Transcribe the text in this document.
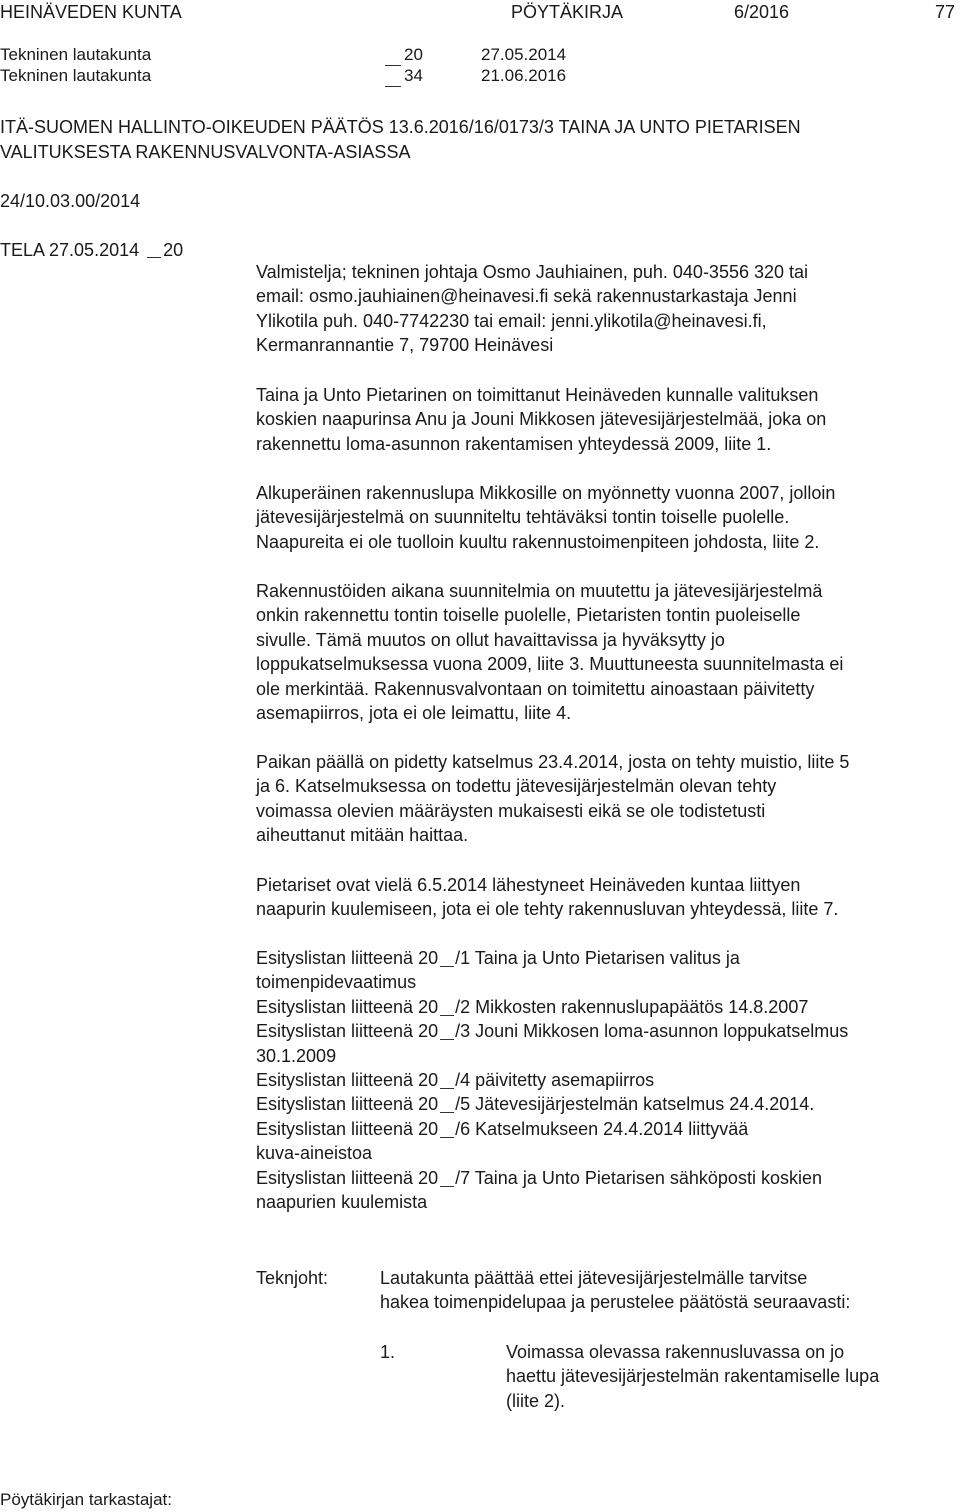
HEINÄVEDEN KUNTA	PÖYTÄKIRJA	6/2016	77
Tekninen lautakunta	20	27.05.2014
Tekninen lautakunta	34	21.06.2016
ITÄ-SUOMEN HALLINTO-OIKEUDEN PÄÄTÖS 13.6.2016/16/0173/3 TAINA JA UNTO PIETARISEN
VALITUKSESTA RAKENNUSVALVONTA-ASIASSA
24/10.03.00/2014
TELA 27.05.2014 20
Valmistelja; tekninen johtaja Osmo Jauhiainen, puh. 040-3556 320 tai
email: osmo.jauhiainen@heinavesi.fi sekä rakennustarkastaja Jenni
Ylikotila puh. 040-7742230 tai email: jenni.ylikotila@heinavesi.fi,
Kermanrannantie 7, 79700 Heinävesi
Taina ja Unto Pietarinen on toimittanut Heinäveden kunnalle valituksen
koskien naapurinsa Anu ja Jouni Mikkosen jätevesijärjestelmää, joka on
rakennettu loma-asunnon rakentamisen yhteydessä 2009, liite 1.
Alkuperäinen rakennuslupa Mikkosille on myönnetty vuonna 2007, jolloin
jätevesijärjestelmä on suunniteltu tehtäväksi tontin toiselle puolelle.
Naapureita ei ole tuolloin kuultu rakennustoimenpiteen johdosta, liite 2.
Rakennustöiden aikana suunnitelmia on muutettu ja jätevesijärjestelmä
onkin rakennettu tontin toiselle puolelle, Pietaristen tontin puoleiselle
sivulle. Tämä muutos on ollut havaittavissa ja hyväksytty jo
loppukatselmuksessa vuona 2009, liite 3. Muuttuneesta suunnitelmasta ei
ole merkintää. Rakennusvalvontaan on toimitettu ainoastaan päivitetty
asemapiirros, jota ei ole leimattu, liite 4.
Paikan päällä on pidetty katselmus 23.4.2014, josta on tehty muistio, liite 5
ja 6. Katselmuksessa on todettu jätevesijärjestelmän olevan tehty
voimassa olevien määräysten mukaisesti eikä se ole todistetusti
aiheuttanut mitään haittaa.
Pietariset ovat vielä 6.5.2014 lähestyneet Heinäveden kuntaa liittyen
naapurin kuulemiseen, jota ei ole tehty rakennusluvan yhteydessä, liite 7.
Esityslistan liitteenä 20 /1 Taina ja Unto Pietarisen valitus ja
toimenpidevaatimus
Esityslistan liitteenä 20 /2 Mikkosten rakennuslupapäätös 14.8.2007
Esityslistan liitteenä 20 /3 Jouni Mikkosen loma-asunnon loppukatselmus
30.1.2009
Esityslistan liitteenä 20 /4 päivitetty asemapiirros
Esityslistan liitteenä 20 /5 Jätevesijärjestelmän katselmus 24.4.2014.
Esityslistan liitteenä 20 /6 Katselmukseen 24.4.2014 liittyvää
kuva-aineistoa
Esityslistan liitteenä 20 /7 Taina ja Unto Pietarisen sähköposti koskien
naapurien kuulemista
Teknjoht:	Lautakunta päättää ettei jätevesijärjestelmälle tarvitse
hakea toimenpidelupaa ja perustelee päätöstä seuraavasti:
1.	Voimassa olevassa rakennusluvassa on jo
haettu jätevesijärjestelmän rakentamiselle lupa
(liite 2).
Pöytäkirjan tarkastajat:
